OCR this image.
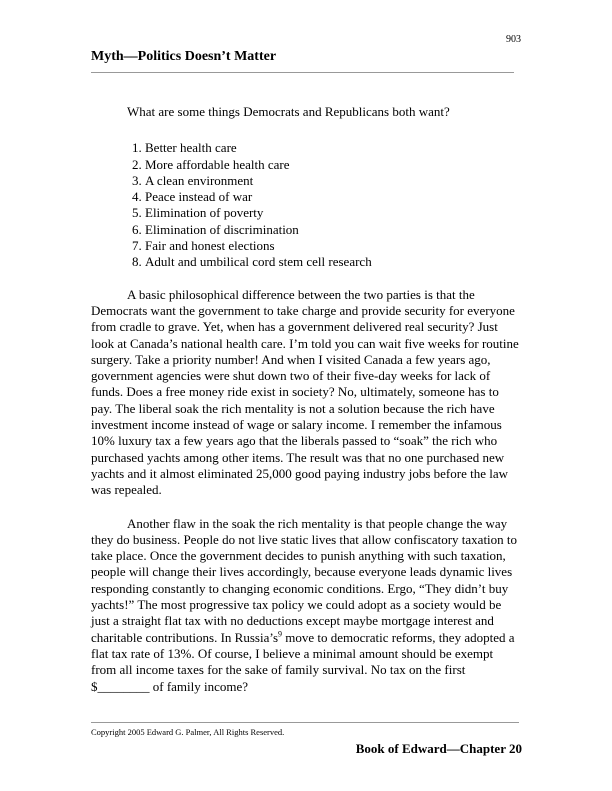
903
Myth—Politics Doesn’t Matter

What are some things Democrats and Republicans both want?

1. Better health care
2. More affordable health care
3. A clean environment
4. Peace instead of war
5. Elimination of poverty
6. Elimination of discrimination
7. Fair and honest elections
8. Adult and umbilical cord stem cell research

A basic philosophical difference between the two parties is that the Democrats want the government to take charge and provide security for everyone from cradle to grave. Yet, when has a government delivered real security? Just look at Canada’s national health care. I’m told you can wait five weeks for routine surgery. Take a priority number! And when I visited Canada a few years ago, government agencies were shut down two of their five-day weeks for lack of funds. Does a free money ride exist in society? No, ultimately, someone has to pay. The liberal soak the rich mentality is not a solution because the rich have investment income instead of wage or salary income. I remember the infamous 10% luxury tax a few years ago that the liberals passed to “soak” the rich who purchased yachts among other items. The result was that no one purchased new yachts and it almost eliminated 25,000 good paying industry jobs before the law was repealed.

Another flaw in the soak the rich mentality is that people change the way they do business. People do not live static lives that allow confiscatory taxation to take place. Once the government decides to punish anything with such taxation, people will change their lives accordingly, because everyone leads dynamic lives responding constantly to changing economic conditions. Ergo, “They didn’t buy yachts!” The most progressive tax policy we could adopt as a society would be just a straight flat tax with no deductions except maybe mortgage interest and charitable contributions. In $Russia’s^9$ move to democratic reforms, they adopted a flat tax rate of 13%. Of course, I believe a minimal amount should be exempt from all income taxes for the sake of family survival. No tax on the first $________ of family income?

Copyright 2005 Edward G. Palmer, All Rights Reserved.
Book of Edward—Chapter 20
